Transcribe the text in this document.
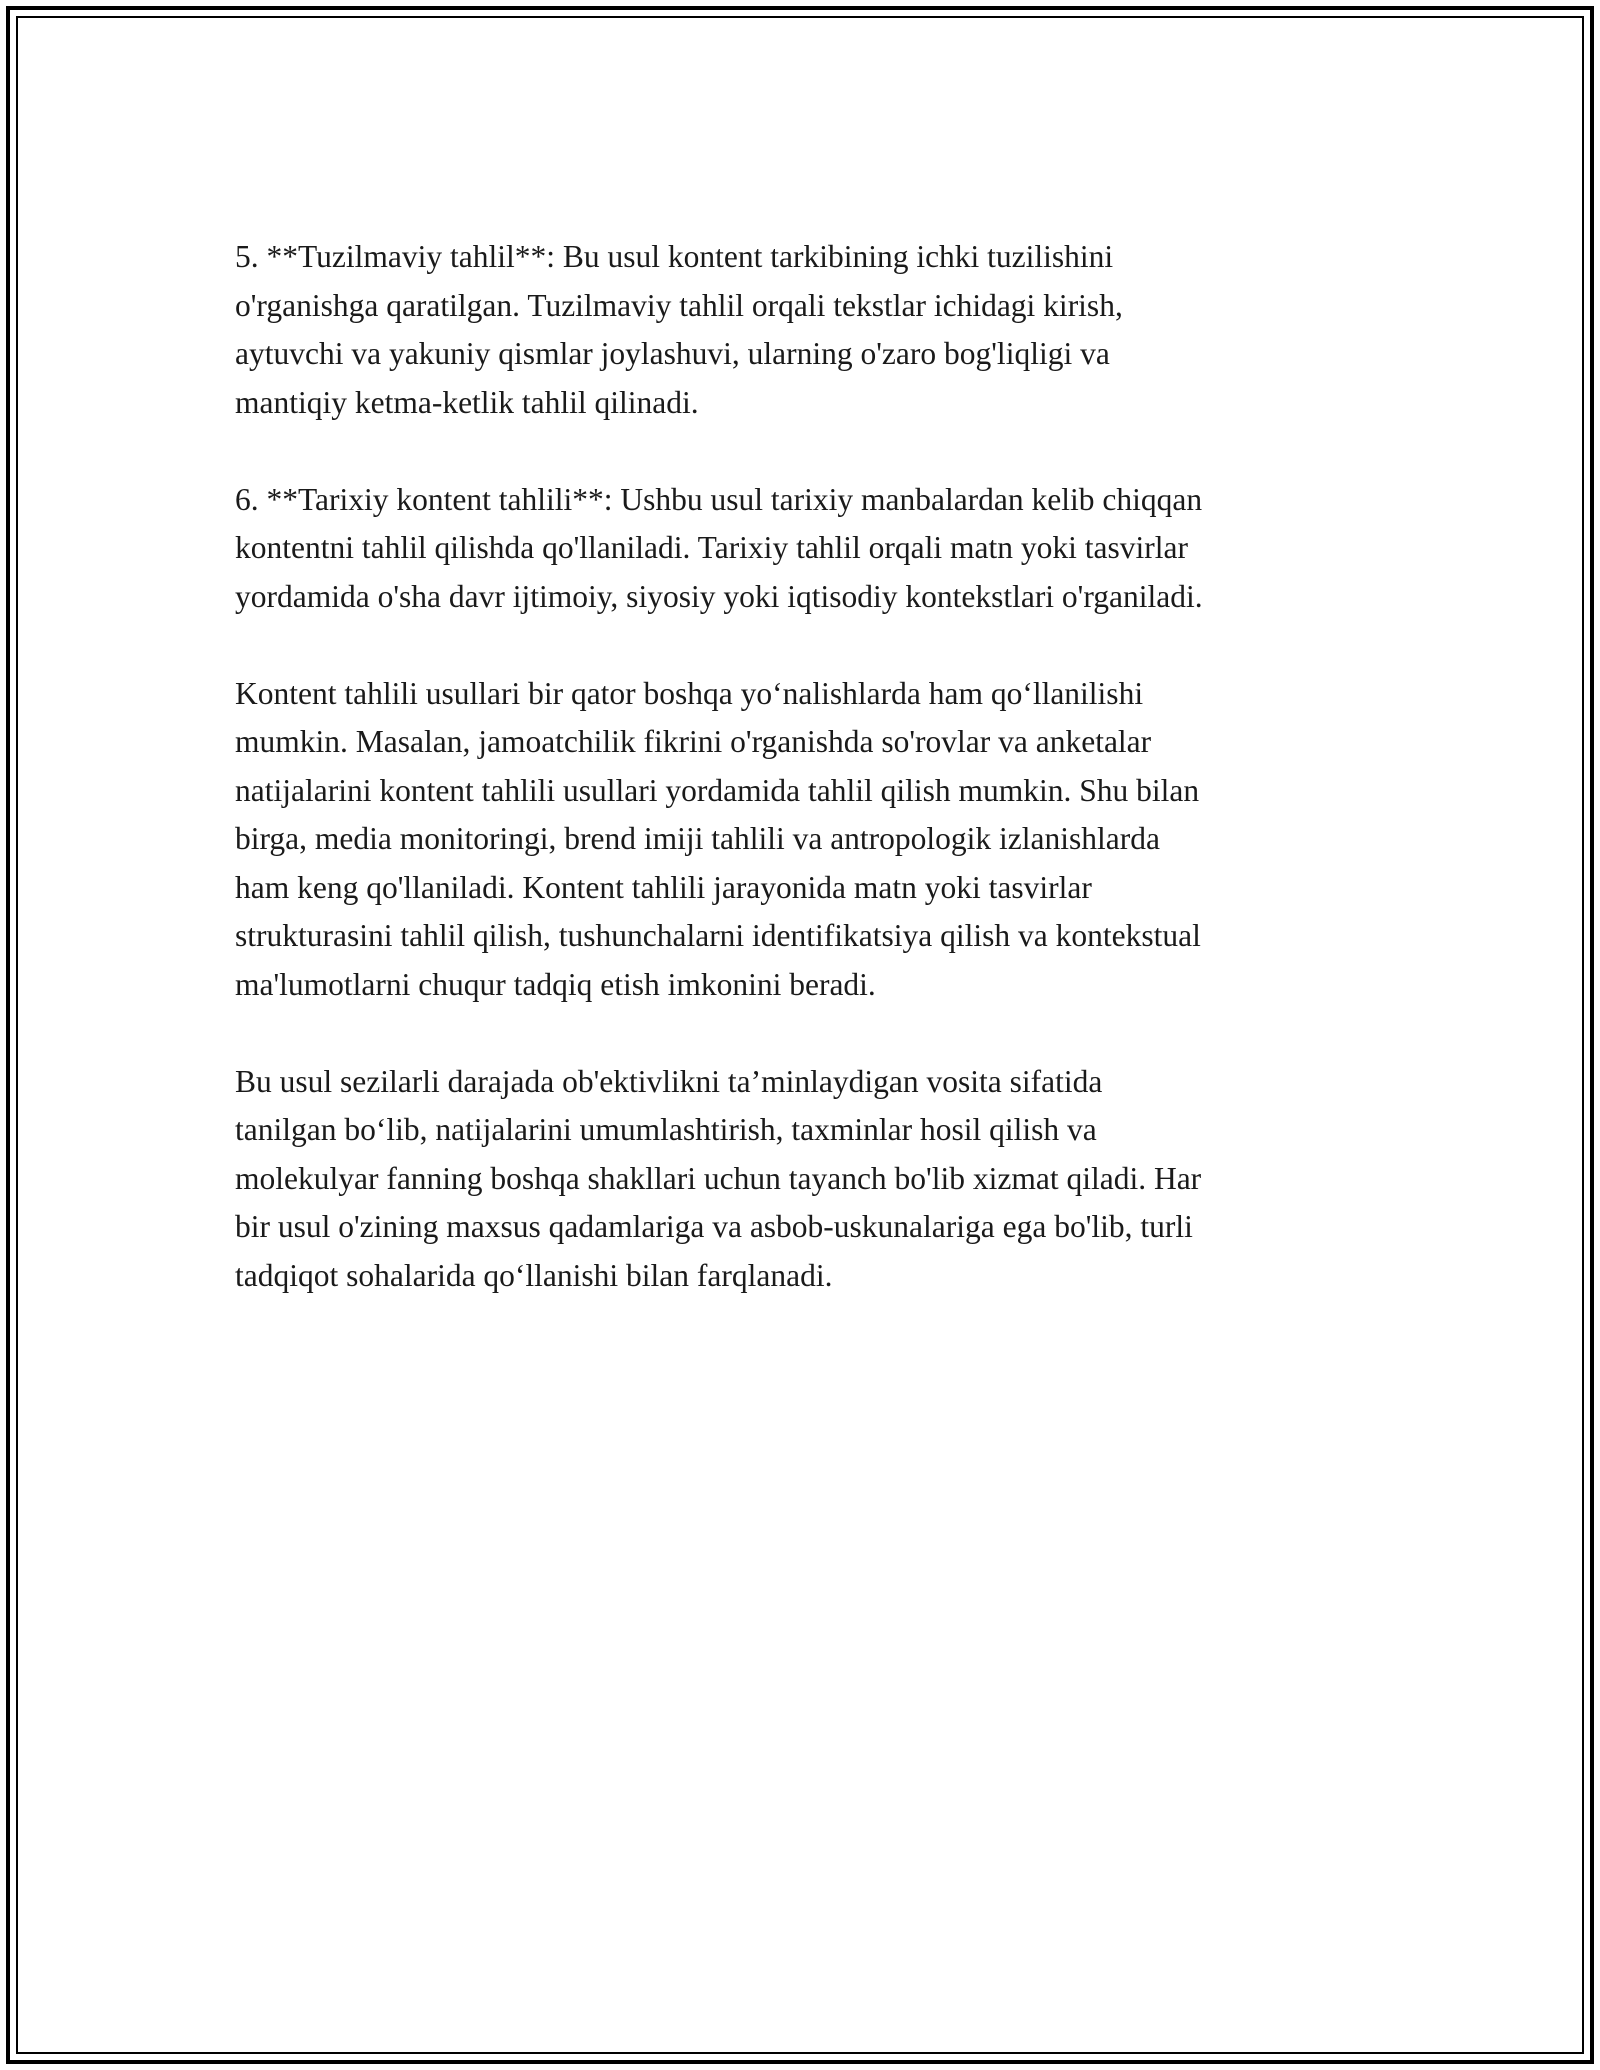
5. **Tuzilmaviy tahlil**: Bu usul kontent tarkibining ichki tuzilishini
o'rganishga qaratilgan. Tuzilmaviy tahlil orqali tekstlar ichidagi kirish,
aytuvchi va yakuniy qismlar joylashuvi, ularning o'zaro bog'liqligi va
mantiqiy ketma-ketlik tahlil qilinadi.

6. **Tarixiy kontent tahlili**: Ushbu usul tarixiy manbalardan kelib chiqqan
kontentni tahlil qilishda qo'llaniladi. Tarixiy tahlil orqali matn yoki tasvirlar
yordamida o'sha davr ijtimoiy, siyosiy yoki iqtisodiy kontekstlari o'rganiladi.

Kontent tahlili usullari bir qator boshqa yo‘nalishlarda ham qo‘llanilishi
mumkin. Masalan, jamoatchilik fikrini o'rganishda so'rovlar va anketalar
natijalarini kontent tahlili usullari yordamida tahlil qilish mumkin. Shu bilan
birga, media monitoringi, brend imiji tahlili va antropologik izlanishlarda
ham keng qo'llaniladi. Kontent tahlili jarayonida matn yoki tasvirlar
strukturasini tahlil qilish, tushunchalarni identifikatsiya qilish va kontekstual
ma'lumotlarni chuqur tadqiq etish imkonini beradi.

Bu usul sezilarli darajada ob'ektivlikni ta’minlaydigan vosita sifatida
tanilgan bo‘lib, natijalarini umumlashtirish, taxminlar hosil qilish va
molekulyar fanning boshqa shakllari uchun tayanch bo'lib xizmat qiladi. Har
bir usul o'zining maxsus qadamlariga va asbob-uskunalariga ega bo'lib, turli
tadqiqot sohalarida qo‘llanishi bilan farqlanadi.
